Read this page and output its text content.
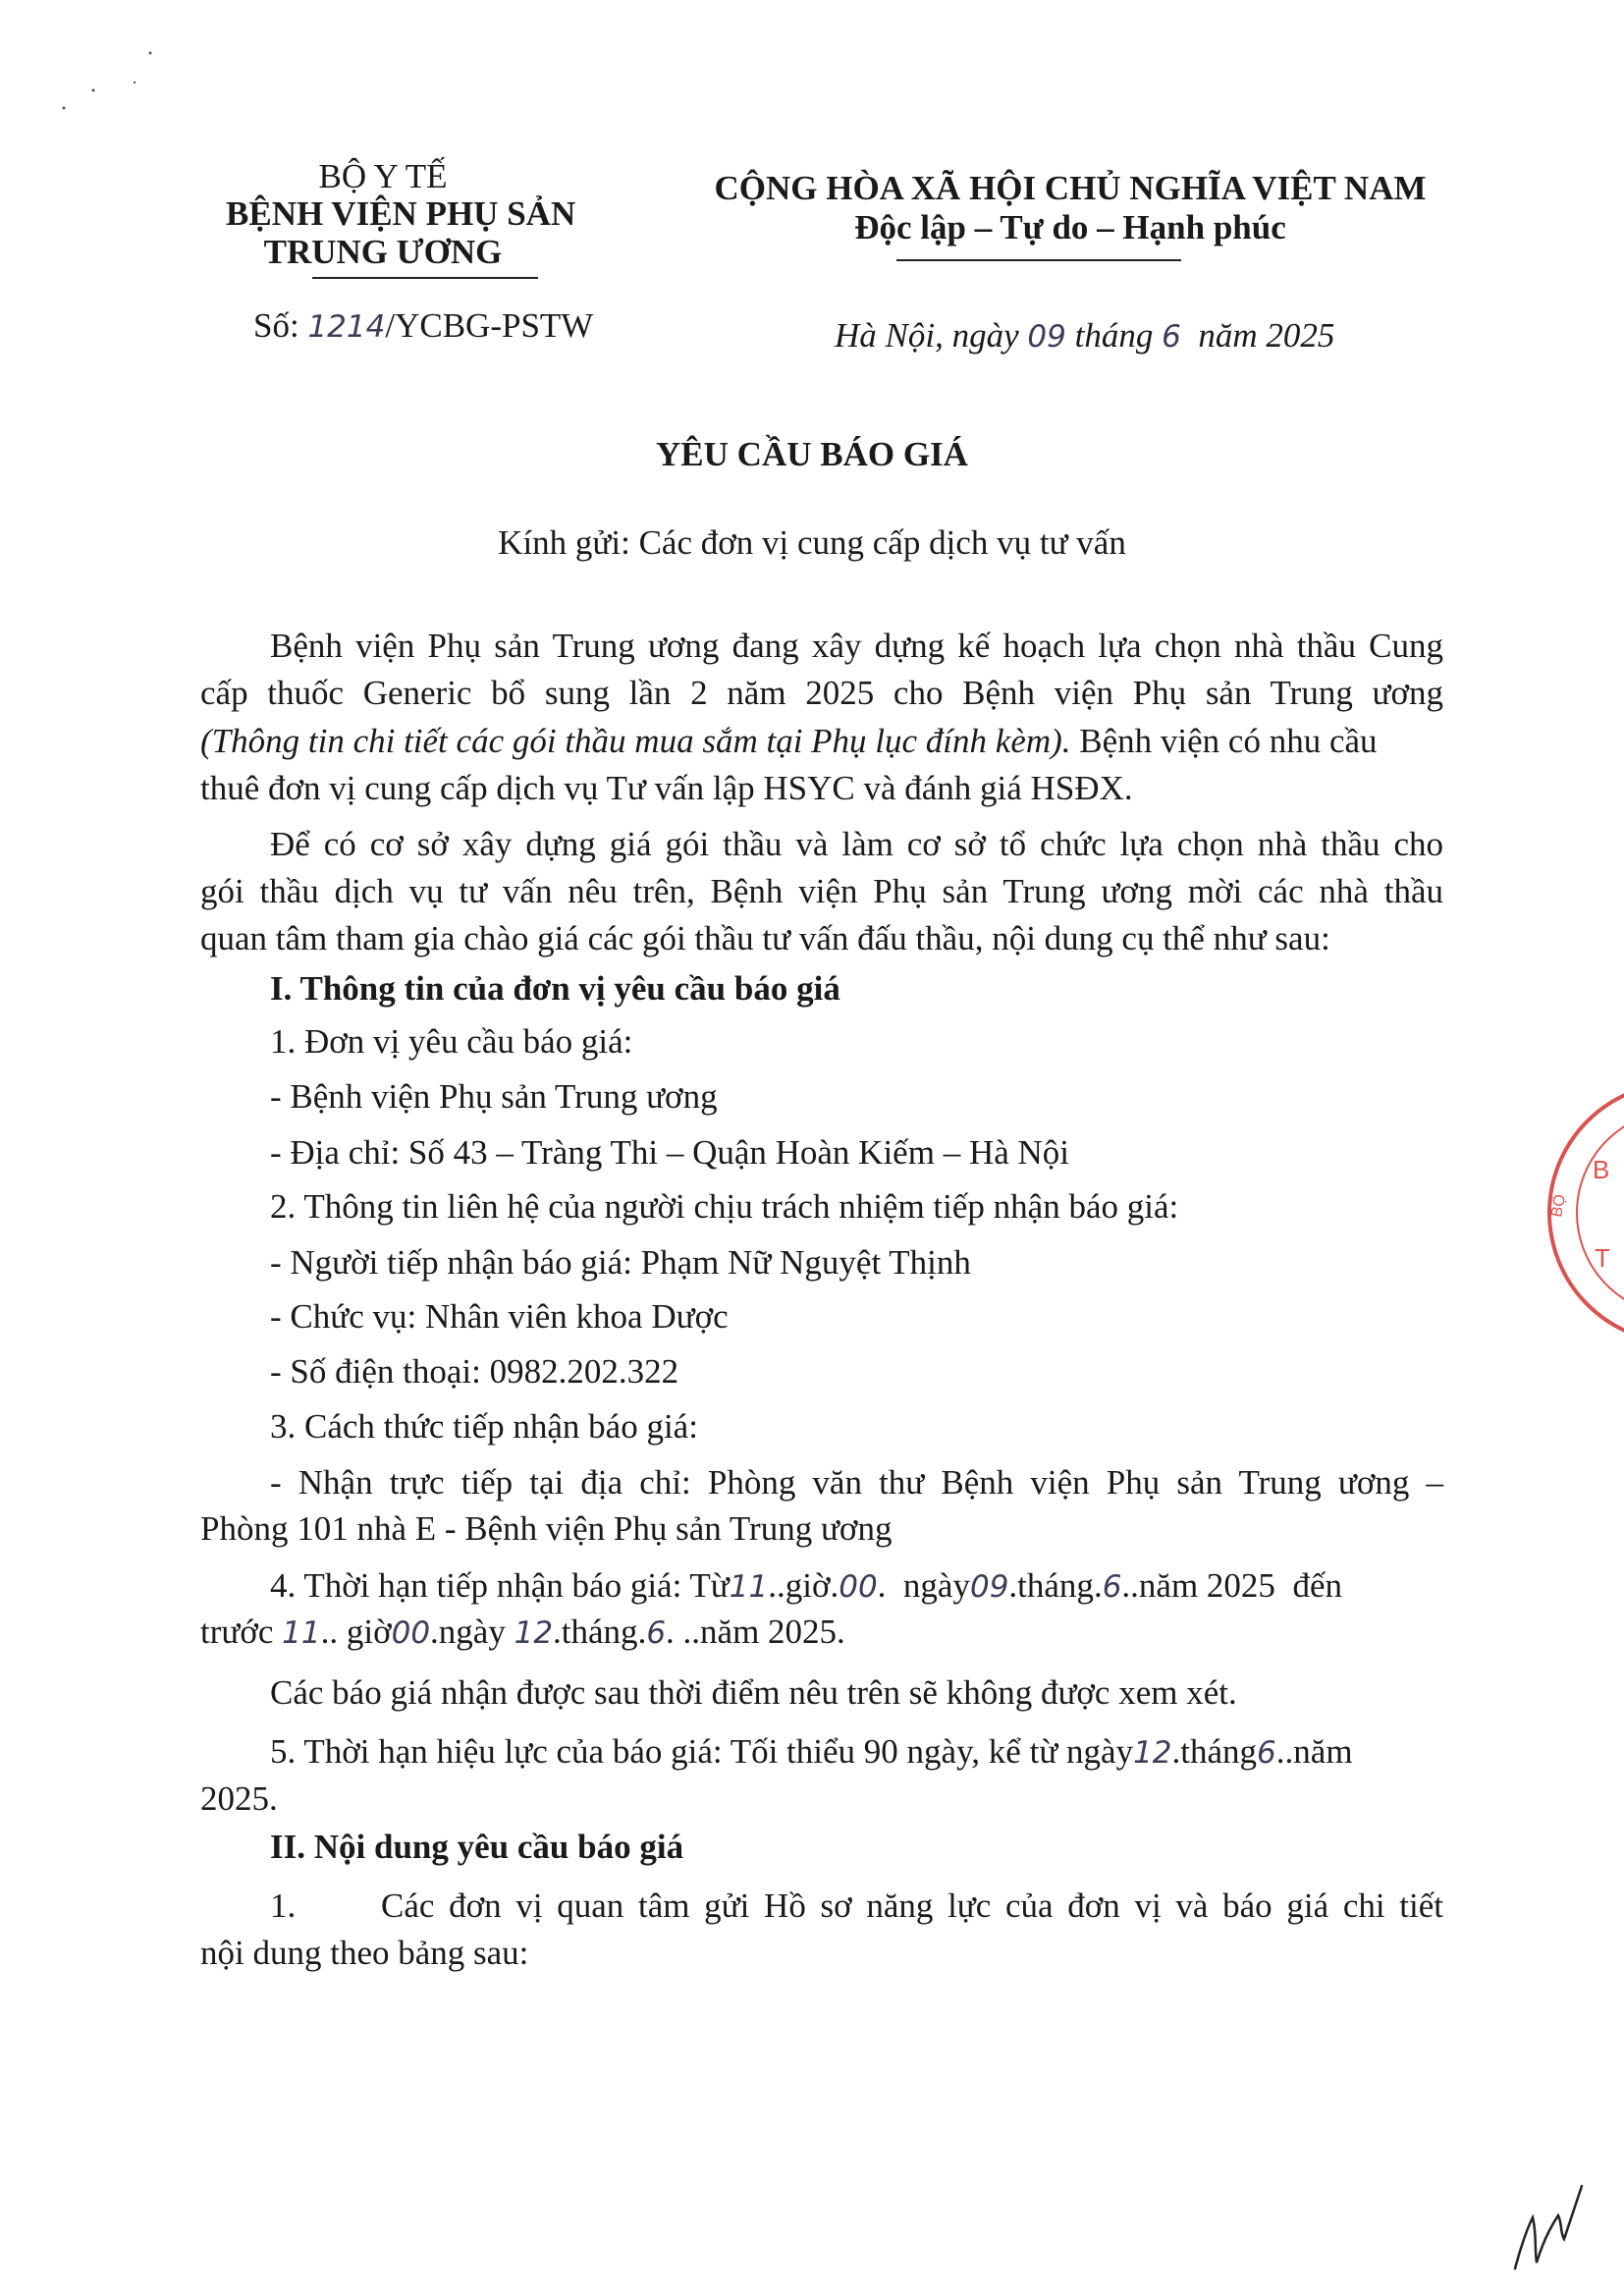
BỘ Y TẾ
BỆNH VIỆN PHỤ SẢN
TRUNG ƯƠNG
Số: 1214/YCBG-PSTW
CỘNG HÒA XÃ HỘI CHỦ NGHĨA VIỆT NAM
Độc lập – Tự do – Hạnh phúc
Hà Nội, ngày 09 tháng 6 năm 2025
YÊU CẦU BÁO GIÁ
Kính gửi: Các đơn vị cung cấp dịch vụ tư vấn
Bệnh viện Phụ sản Trung ương đang xây dựng kế hoạch lựa chọn nhà thầu Cung
cấp thuốc Generic bổ sung lần 2 năm 2025 cho Bệnh viện Phụ sản Trung ương
(Thông tin chi tiết các gói thầu mua sắm tại Phụ lục đính kèm). Bệnh viện có nhu cầu
thuê đơn vị cung cấp dịch vụ Tư vấn lập HSYC và đánh giá HSĐX.
Để có cơ sở xây dựng giá gói thầu và làm cơ sở tổ chức lựa chọn nhà thầu cho
gói thầu dịch vụ tư vấn nêu trên, Bệnh viện Phụ sản Trung ương mời các nhà thầu
quan tâm tham gia chào giá các gói thầu tư vấn đấu thầu, nội dung cụ thể như sau:
I. Thông tin của đơn vị yêu cầu báo giá
1. Đơn vị yêu cầu báo giá:
- Bệnh viện Phụ sản Trung ương
- Địa chỉ: Số 43 – Tràng Thi – Quận Hoàn Kiếm – Hà Nội
2. Thông tin liên hệ của người chịu trách nhiệm tiếp nhận báo giá:
- Người tiếp nhận báo giá: Phạm Nữ Nguyệt Thịnh
- Chức vụ: Nhân viên khoa Dược
- Số điện thoại: 0982.202.322
3. Cách thức tiếp nhận báo giá:
- Nhận trực tiếp tại địa chỉ: Phòng văn thư Bệnh viện Phụ sản Trung ương –
Phòng 101 nhà E - Bệnh viện Phụ sản Trung ương
4. Thời hạn tiếp nhận báo giá: Từ11..giờ.00.  ngày09.tháng.6..năm 2025 đến
trước 11.. giờ00.ngày 12.tháng.6. ..năm 2025.
Các báo giá nhận được sau thời điểm nêu trên sẽ không được xem xét.
5. Thời hạn hiệu lực của báo giá: Tối thiểu 90 ngày, kể từ ngày12.tháng6..năm
2025.
II. Nội dung yêu cầu báo giá
1. Các đơn vị quan tâm gửi Hồ sơ năng lực của đơn vị và báo giá chi tiết
nội dung theo bảng sau:
B
T
BỘ
